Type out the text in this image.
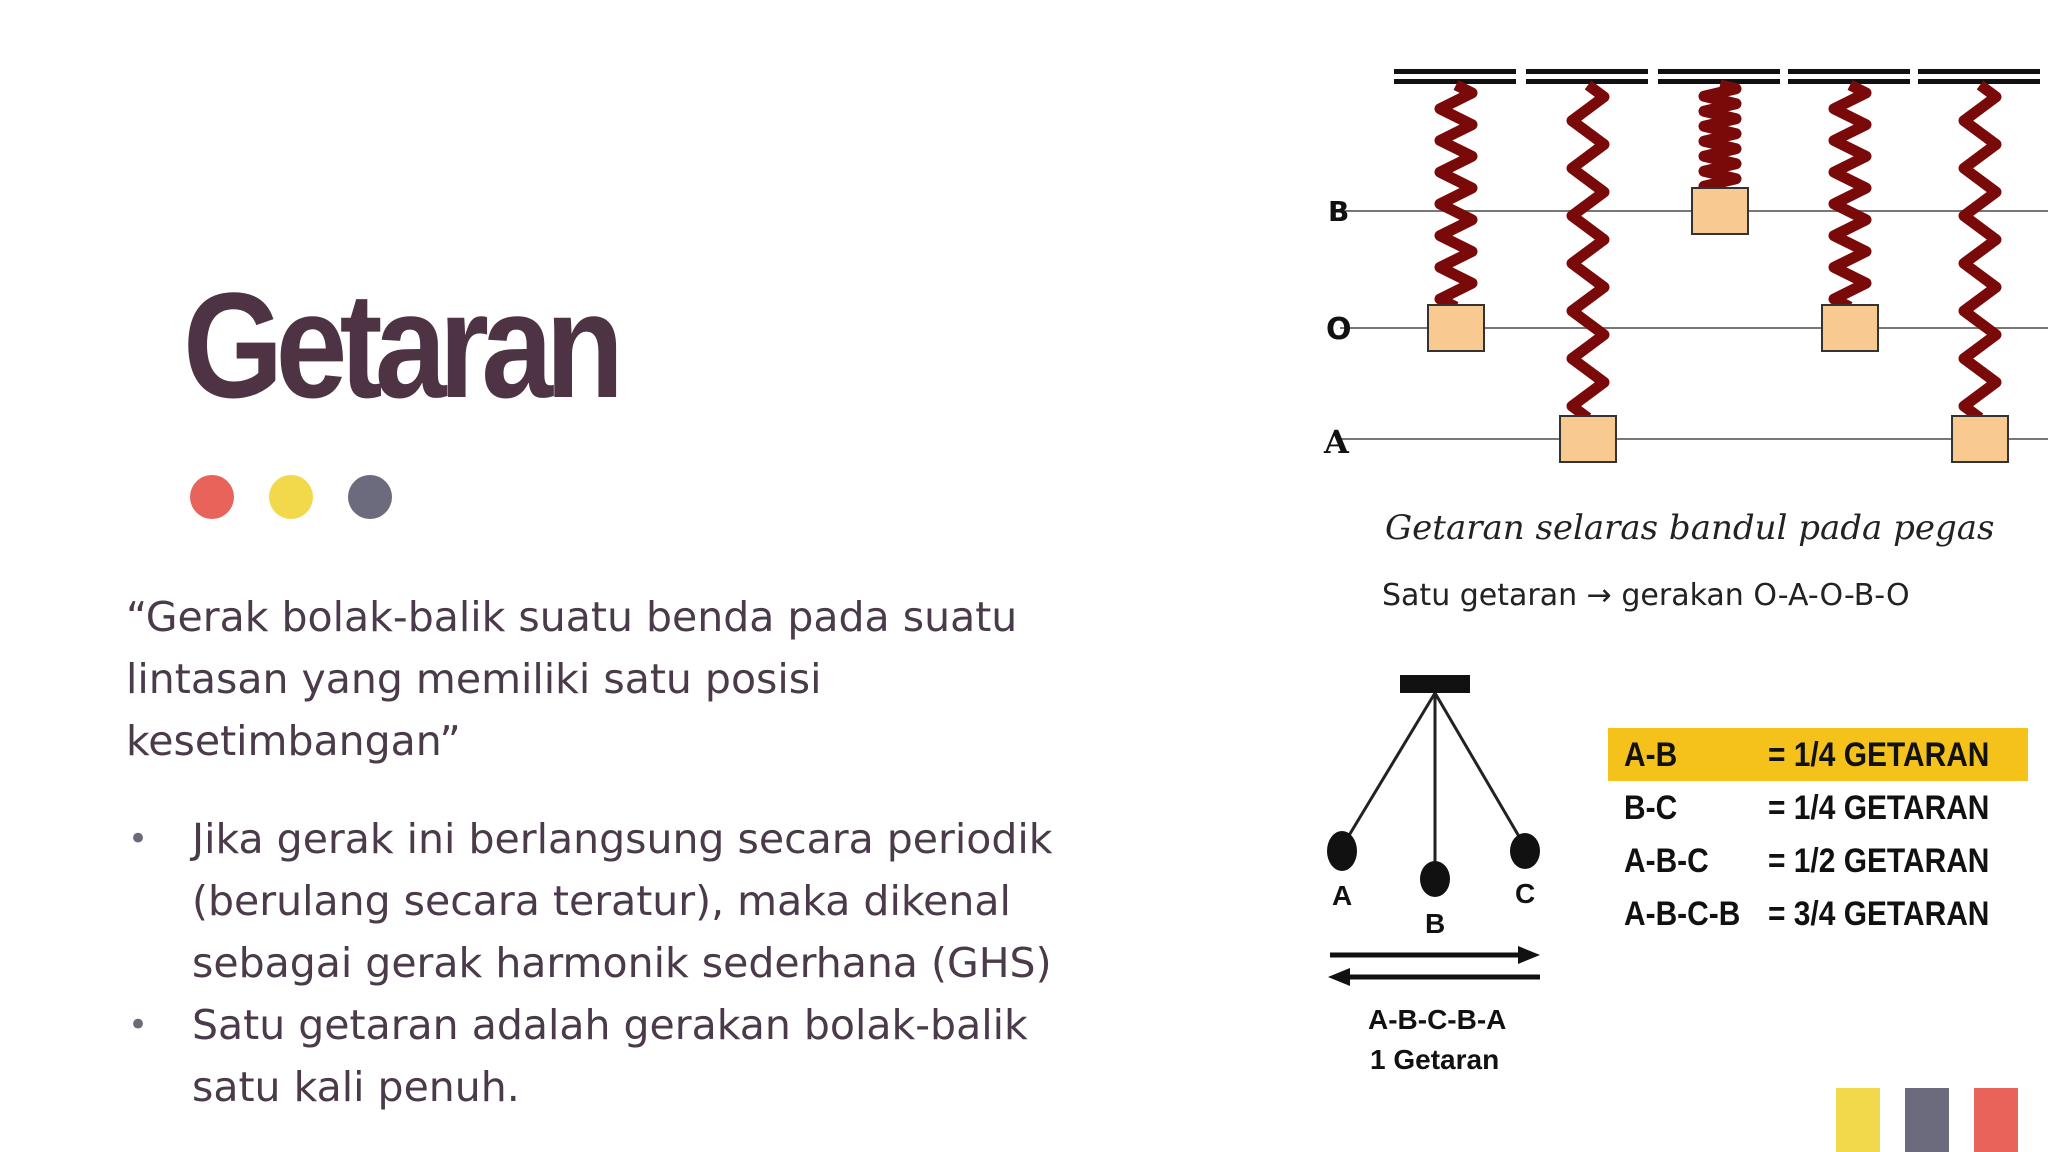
Getaran
“Gerak bolak-balik suatu benda pada suatu lintasan yang memiliki satu posisi kesetimbangan”
• Jika gerak ini berlangsung secara periodik (berulang secara teratur), maka dikenal sebagai gerak harmonik sederhana (GHS)
• Satu getaran adalah gerakan bolak-balik satu kali penuh.
B
O
A
Getaran selaras bandul pada pegas
Satu getaran → gerakan O-A-O-B-O
A
B
C
A-B-C-B-A
1 Getaran
A-B	= 1/4 GETARAN
B-C	= 1/4 GETARAN
A-B-C = 1/2 GETARAN
A-B-C-B = 3/4 GETARAN
